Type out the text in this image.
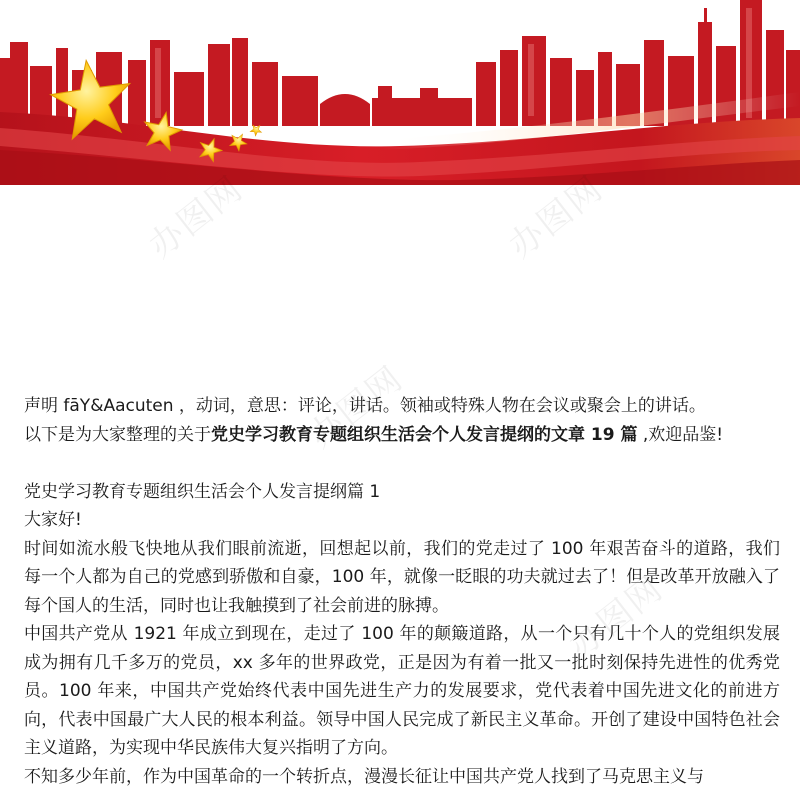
办图网	办图网
办图网
办图网

声明 fāY&Aacuten ，动词，意思：评论，讲话。领袖或特殊人物在会议或聚会上的讲话。

以下是为大家整理的关于党史学习教育专题组织生活会个人发言提纲的文章 19 篇 ,欢迎品鉴!

党史学习教育专题组织生活会个人发言提纲篇 1

大家好!

时间如流水般飞快地从我们眼前流逝，回想起以前，我们的党走过了 100 年艰苦奋斗的道路，我们每一个人都为自己的党感到骄傲和自豪，100 年，就像一眨眼的功夫就过去了！但是改革开放融入了每个国人的生活，同时也让我触摸到了社会前进的脉搏。

中国共产党从 1921 年成立到现在，走过了 100 年的颠簸道路，从一个只有几十个人的党组织发展成为拥有几千多万的党员，xx 多年的世界政党，正是因为有着一批又一批时刻保持先进性的优秀党员。100 年来，中国共产党始终代表中国先进生产力的发展要求，党代表着中国先进文化的前进方向，代表中国最广大人民的根本利益。领导中国人民完成了新民主义革命。开创了建设中国特色社会主义道路，为实现中华民族伟大复兴指明了方向。

不知多少年前，作为中国革命的一个转折点，漫漫长征让中国共产党人找到了马克思主义与
